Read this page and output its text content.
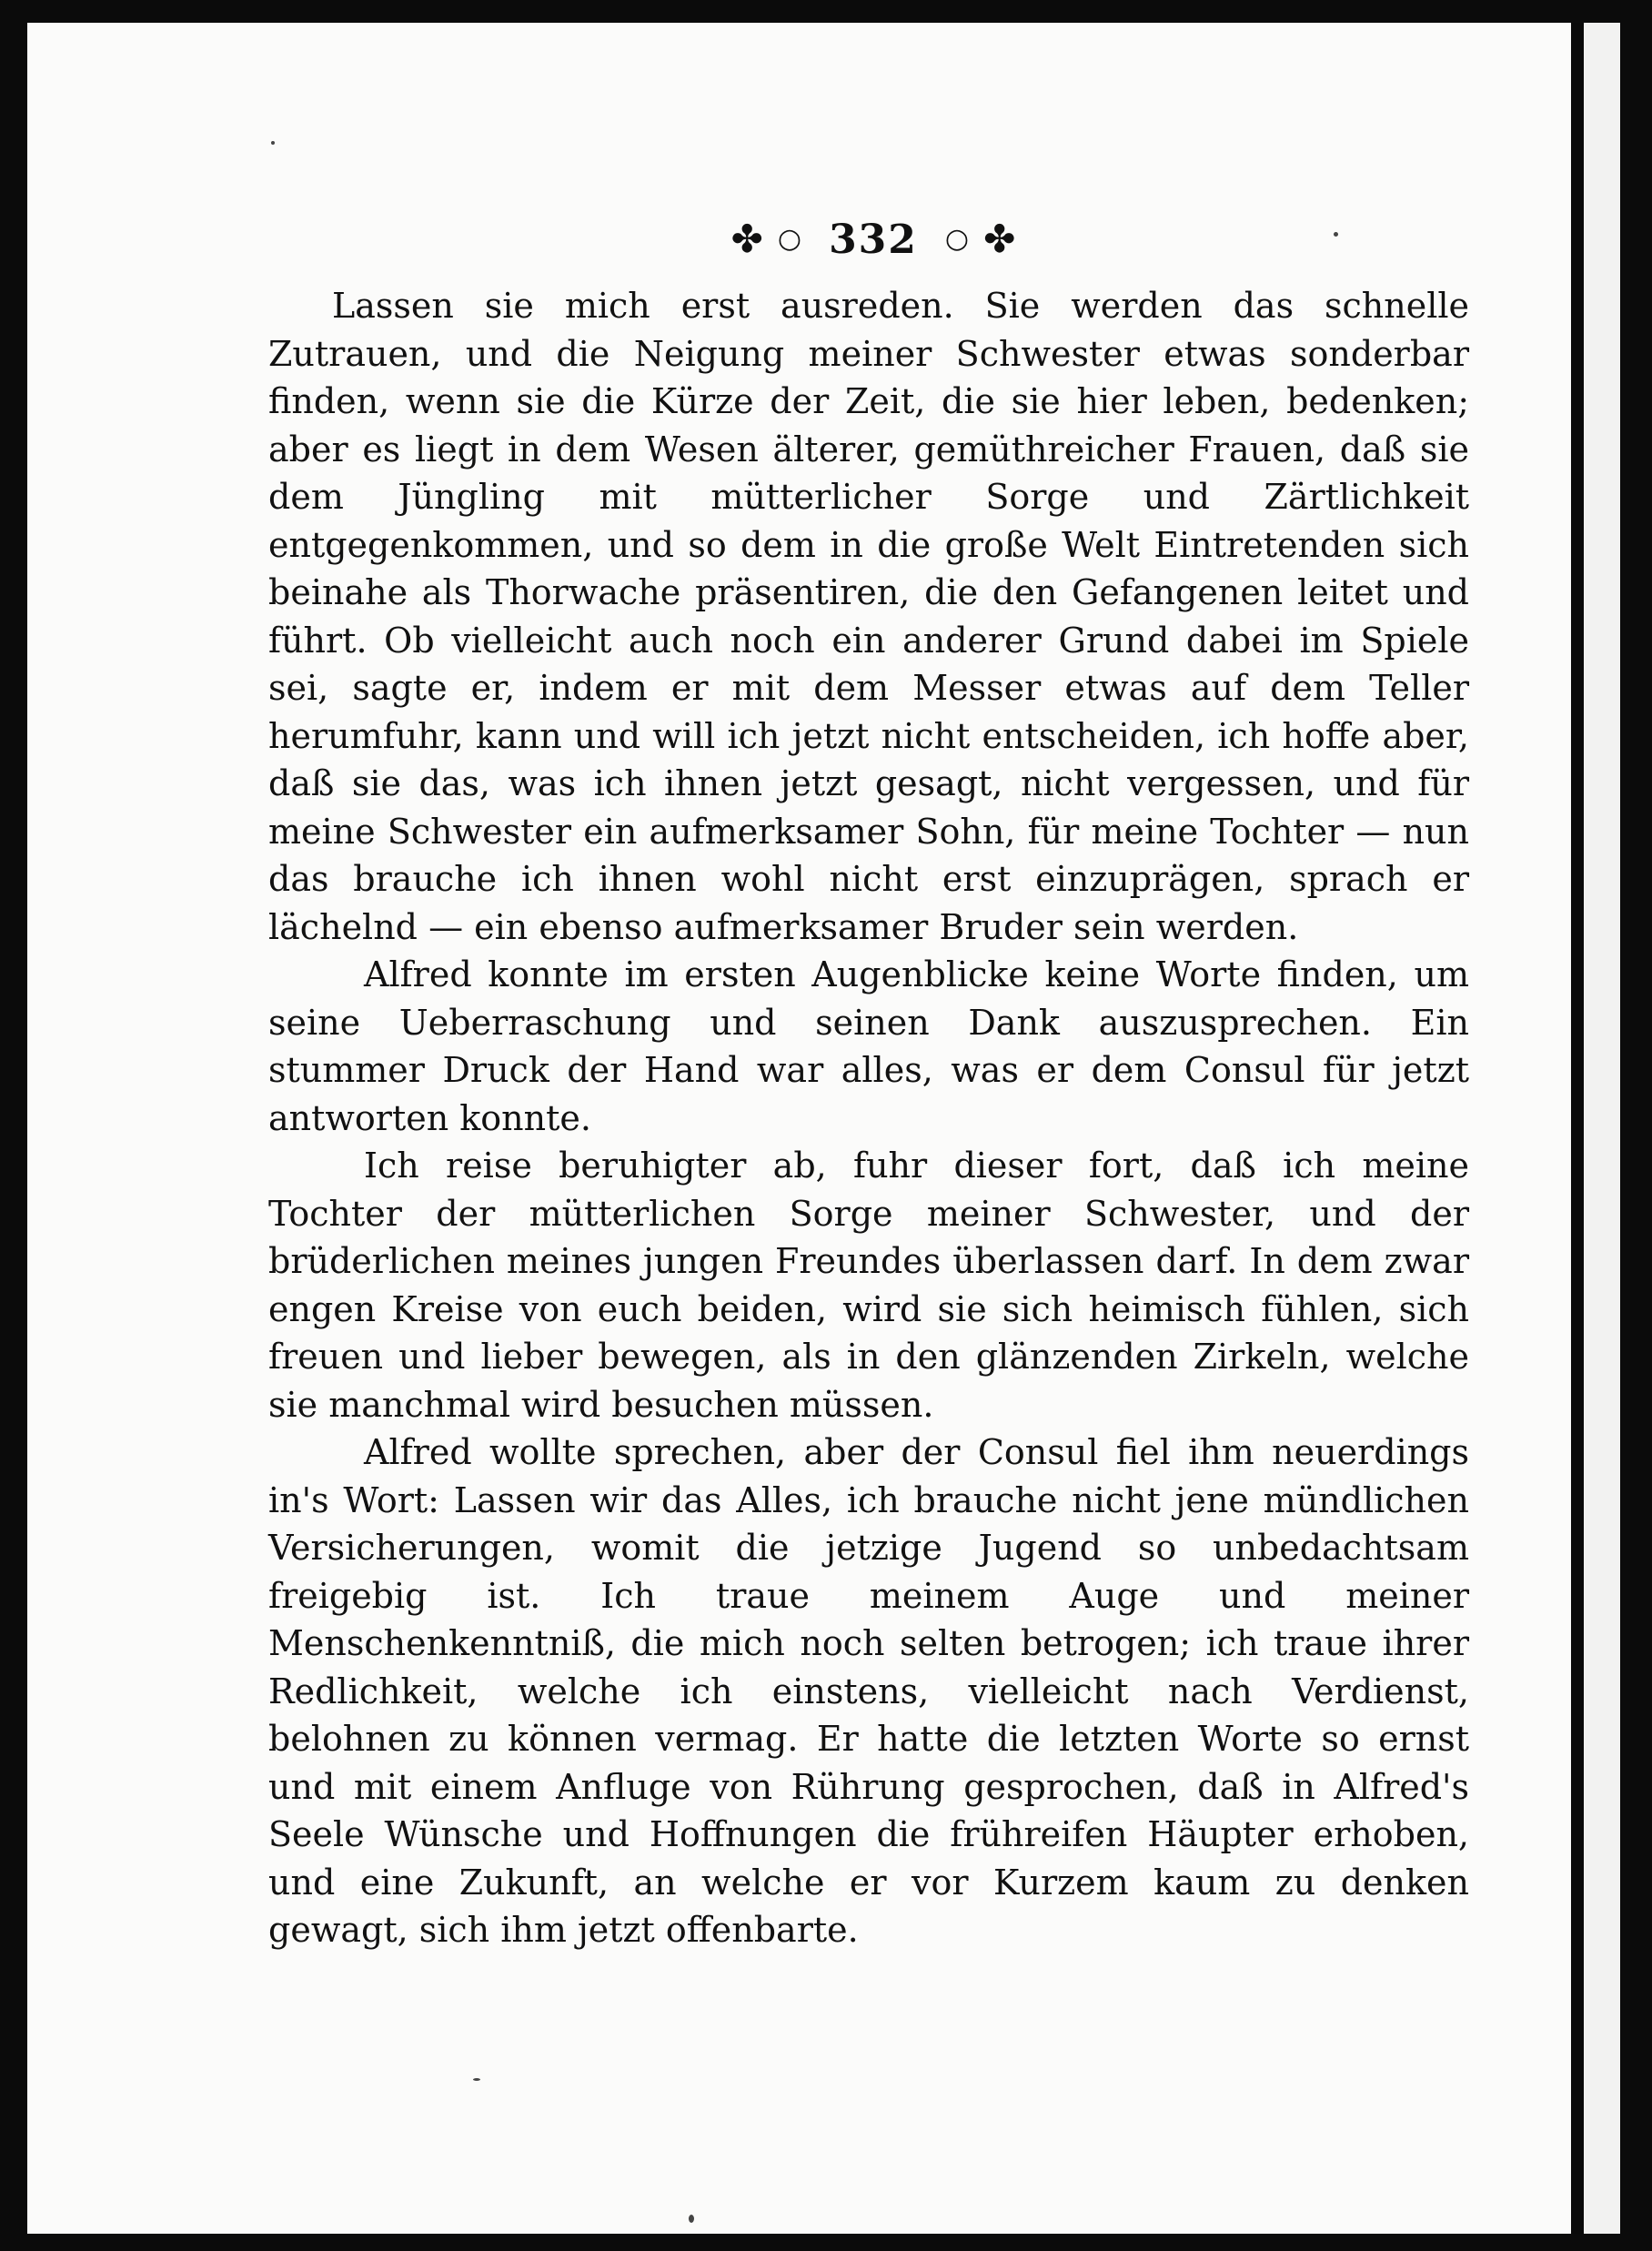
✤ ○ 332 ○ ✤

Lassen sie mich erst ausreden. Sie werden das schnelle Zutrauen, und die Neigung meiner Schwester etwas sonderbar finden, wenn sie die Kürze der Zeit, die sie hier leben, bedenken; aber es liegt in dem Wesen älterer, gemüthreicher Frauen, daß sie dem Jüngling mit mütterlicher Sorge und Zärtlichkeit entgegenkommen, und so dem in die große Welt Eintretenden sich beinahe als Thorwache präsentiren, die den Gefangenen leitet und führt. Ob vielleicht auch noch ein anderer Grund dabei im Spiele sei, sagte er, indem er mit dem Messer etwas auf dem Teller herumfuhr, kann und will ich jetzt nicht entscheiden, ich hoffe aber, daß sie das, was ich ihnen jetzt gesagt, nicht vergessen, und für meine Schwester ein aufmerksamer Sohn, für meine Tochter — nun das brauche ich ihnen wohl nicht erst einzuprägen, sprach er lächelnd — ein ebenso aufmerksamer Bruder sein werden.

Alfred konnte im ersten Augenblicke keine Worte finden, um seine Ueberraschung und seinen Dank auszusprechen. Ein stummer Druck der Hand war alles, was er dem Consul für jetzt antworten konnte.

Ich reise beruhigter ab, fuhr dieser fort, daß ich meine Tochter der mütterlichen Sorge meiner Schwester, und der brüderlichen meines jungen Freundes überlassen darf. In dem zwar engen Kreise von euch beiden, wird sie sich heimisch fühlen, sich freuen und lieber bewegen, als in den glänzenden Zirkeln, welche sie manchmal wird besuchen müssen.

Alfred wollte sprechen, aber der Consul fiel ihm neuerdings in's Wort: Lassen wir das Alles, ich brauche nicht jene mündlichen Versicherungen, womit die jetzige Jugend so unbedachtsam freigebig ist. Ich traue meinem Auge und meiner Menschenkenntniß, die mich noch selten betrogen; ich traue ihrer Redlichkeit, welche ich einstens, vielleicht nach Verdienst, belohnen zu können vermag. Er hatte die letzten Worte so ernst und mit einem Anfluge von Rührung gesprochen, daß in Alfred's Seele Wünsche und Hoffnungen die frühreifen Häupter erhoben, und eine Zukunft, an welche er vor Kurzem kaum zu denken gewagt, sich ihm jetzt offenbarte.
